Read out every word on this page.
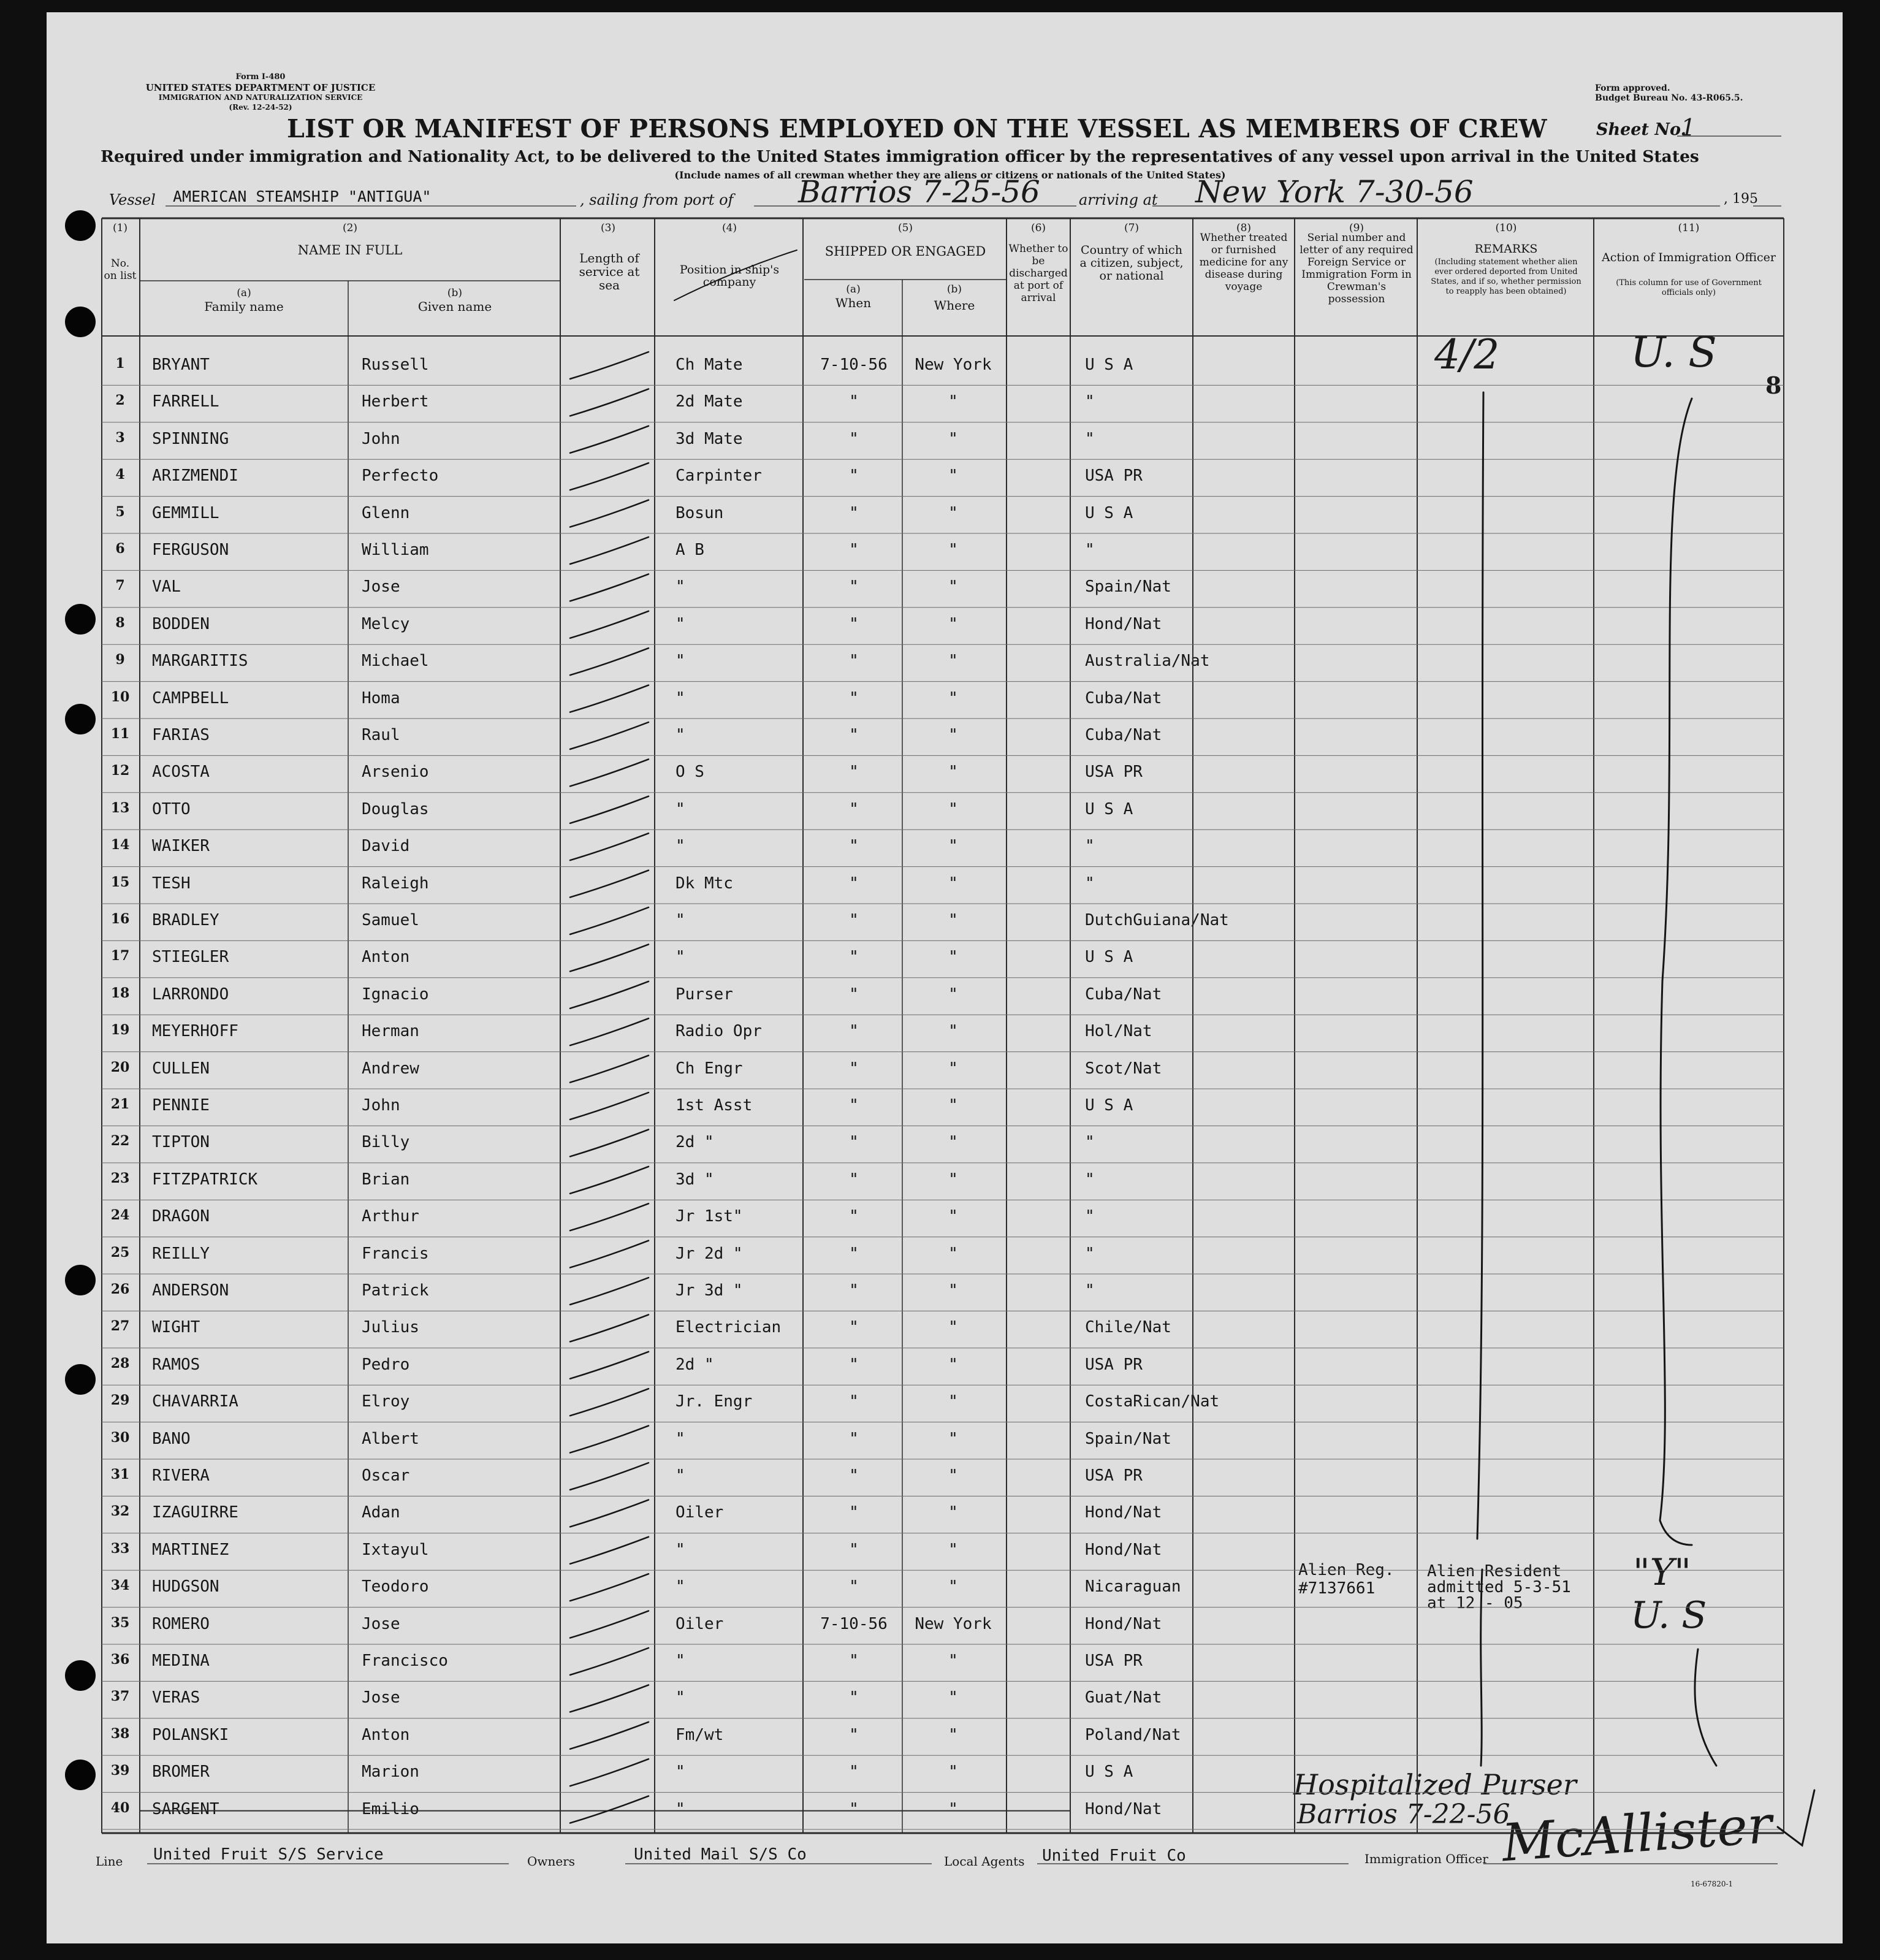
Form I-480
UNITED STATES DEPARTMENT OF JUSTICE
IMMIGRATION AND NATURALIZATION SERVICE
(Rev. 12-24-52)
Form approved.
Budget Bureau No. 43-R065.5.
LIST OR MANIFEST OF PERSONS EMPLOYED ON THE VESSEL AS MEMBERS OF CREW	Sheet No.
1
Required under immigration and Nationality Act, to be delivered to the United States immigration officer by the representatives of any vessel upon arrival in the United States
(Include names of all crewman whether they are aliens or citizens or nationals of the United States)
Vessel AMERICAN STEAMSHIP "ANTIGUA"	, sailing from port of Barrios 7-25-56	arriving at New York 7-30-56	, 195
(1)
No. on list
(2)
NAME IN FULL
(a)
Family name
(b)
Given name
(3)
Length of service at sea
(4)
Position in ship's company
(5)
SHIPPED OR ENGAGED
(a)
When
(b)
Where
(6)
Whether to be discharged at port of arrival
(7)
Country of which a citizen, subject, or national
(8)
Whether treated or furnished medicine for any disease during voyage
(9)
Serial number and letter of any required Foreign Service or Immigration Form in Crewman's possession
(10)
REMARKS
(Including statement whether alien ever ordered deported from United States, and if so, whether permission to reapply has been obtained)
(11)
Action of Immigration Officer
(This column for use of Government officials only)
1	BRYANT	Russell	Ch Mate	7-10-56	New York	U S A
2	FARRELL	Herbert	2d Mate	"	"	"
3	SPINNING	John	3d Mate	"	"	"
4	ARIZMENDI	Perfecto	Carpinter	"	"	USA PR
5	GEMMILL	Glenn	Bosun	"	"	U S A
6	FERGUSON	William	A B	"	"	"
7	VAL	Jose	"	"	"	Spain/Nat
8	BODDEN	Melcy	"	"	"	Hond/Nat
9	MARGARITIS	Michael	"	"	"	Australia/Nat
10	CAMPBELL	Homa	"	"	"	Cuba/Nat
11	FARIAS	Raul	"	"	"	Cuba/Nat
12	ACOSTA	Arsenio	O S	"	"	USA PR
13	OTTO	Douglas	"	"	"	U S A
14	WAIKER	David	"	"	"	"
15	TESH	Raleigh	Dk Mtc	"	"	"
16	BRADLEY	Samuel	"	"	"	DutchGuiana/Nat
17	STIEGLER	Anton	"	"	"	U S A
18	LARRONDO	Ignacio	Purser	"	"	Cuba/Nat
19	MEYERHOFF	Herman	Radio Opr	"	"	Hol/Nat
20	CULLEN	Andrew	Ch Engr	"	"	Scot/Nat
21	PENNIE	John	1st Asst	"	"	U S A
22	TIPTON	Billy	2d "	"	"	"
23	FITZPATRICK	Brian	3d "	"	"	"
24	DRAGON	Arthur	Jr 1st"	"	"	"
25	REILLY	Francis	Jr 2d "	"	"	"
26	ANDERSON	Patrick	Jr 3d "	"	"	"
27	WIGHT	Julius	Electrician	"	"	Chile/Nat
28	RAMOS	Pedro	2d "	"	"	USA PR
29	CHAVARRIA	Elroy	Jr. Engr	"	"	CostaRican/Nat
30	BANO	Albert	"	"	"	Spain/Nat
31	RIVERA	Oscar	"	"	"	USA PR
32	IZAGUIRRE	Adan	Oiler	"	"	Hond/Nat
33	MARTINEZ	Ixtayul	"	"	"	Hond/Nat
34	HUDGSON	Teodoro	"	"	"	Nicaraguan
35	ROMERO	Jose	Oiler	7-10-56	New York	Hond/Nat
36	MEDINA	Francisco	"	"	"	USA PR
37	VERAS	Jose	"	"	"	Guat/Nat
38	POLANSKI	Anton	Fm/wt	"	"	Poland/Nat
39	BROMER	Marion	"	"	"	U S A
40	SARGENT	Emilio	"	"	"	Hond/Nat
Alien Reg.
#7137661
Alien Resident
admitted 5-3-51
at 12 - 05
4/2	U. S
8
"Y"
U. S
Hospitalized Purser
Barrios 7-22-56
Line United Fruit S/S Service	Owners	United Mail S/S Co	Local Agents United Fruit Co	Immigration Officer McAllister
16-67820-1
